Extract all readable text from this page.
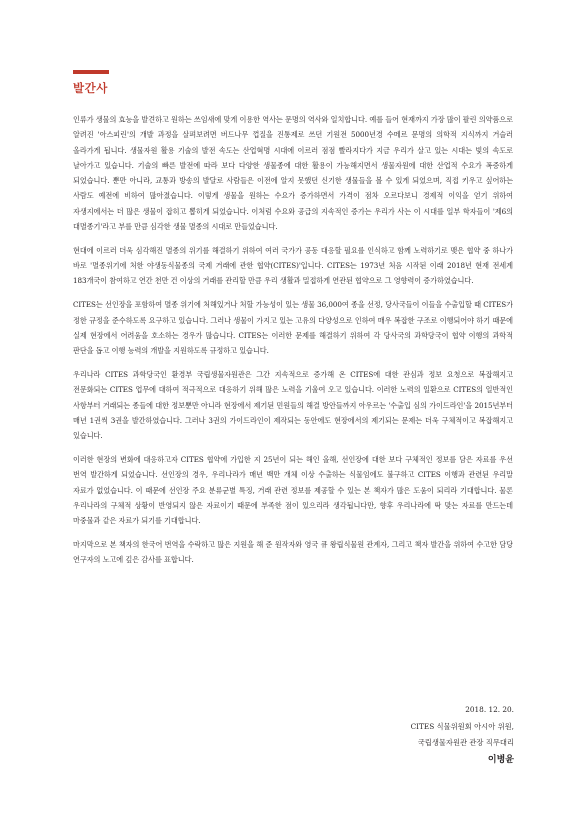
발간사

인류가 생물의 효능을 발견하고 원하는 쓰임새에 맞게 이용한 역사는 문명의 역사와 일치합니다. 예를 들어 현재까지 가장 많이 팔린 의약품으로 알려진 '아스피린'의 개발 과정을 살펴보려면 버드나무 껍질을 진통제로 쓰던 기원전 5000년경 수메르 문명의 의학적 지식까지 거슬러 올라가게 됩니다. 생물자원 활용 기술의 발전 속도는 산업혁명 시대에 이르러 점점 빨라지다가 지금 우리가 살고 있는 시대는 빛의 속도로 날아가고 있습니다. 기술의 빠른 발전에 따라 보다 다양한 생물종에 대한 활용이 가능해지면서 생물자원에 대한 산업적 수요가 폭증하게 되었습니다. 뿐만 아니라, 교통과 방송의 발달로 사람들은 이전에 알지 못했던 신기한 생물들을 볼 수 있게 되었으며, 직접 키우고 싶어하는 사람도 예전에 비하여 많아졌습니다. 이렇게 생물을 원하는 수요가 증가하면서 가격이 점차 오르다보니 경제적 이익을 얻기 위하여 자생지에서는 더 많은 생물이 잡히고 뽑히게 되었습니다. 이처럼 수요와 공급의 지속적인 증가는 우리가 사는 이 시대를 일부 학자들이 '제6의 대멸종기'라고 부를 만큼 심각한 생물 멸종의 시대로 만들었습니다.

현대에 이르러 더욱 심각해진 멸종의 위기를 해결하기 위하여 여러 국가가 공동 대응할 필요를 인식하고 함께 노력하기로 맺은 협약 중 하나가 바로 '멸종위기에 처한 야생동식물종의 국제 거래에 관한 협약(CITES)'입니다. CITES는 1973년 처음 시작된 이래 2018년 현재 전세계 183개국이 참여하고 연간 천만 건 이상의 거래를 관리할 만큼 우리 생활과 밀접하게 연관된 협약으로 그 영향력이 증가하였습니다.

CITES는 선인장을 포함하여 멸종 위기에 처해있거나 처할 가능성이 있는 생물 36,000여 종을 선정, 당사국들이 이들을 수출입할 때 CITES가 정한 규정을 준수하도록 요구하고 있습니다. 그러나 생물이 가지고 있는 고유의 다양성으로 인하여 매우 복잡한 구조로 이행되어야 하기 때문에 실제 현장에서 어려움을 호소하는 경우가 많습니다. CITES는 이러한 문제를 해결하기 위하여 각 당사국의 과학당국이 협약 이행의 과학적 판단을 돕고 이행 능력의 개발을 지원하도록 규정하고 있습니다.

우리나라 CITES 과학당국인 환경부 국립생물자원관은 그간 지속적으로 증가해 온 CITES에 대한 관심과 정보 요청으로 복잡해지고 전문화되는 CITES 업무에 대하여 적극적으로 대응하기 위해 많은 노력을 기울여 오고 있습니다. 이러한 노력의 일환으로 CITES의 일반적인 사항부터 거래되는 종들에 대한 정보뿐만 아니라 현장에서 제기된 민원들의 해결 방안들까지 아우르는 '수출입 심의 가이드라인'을 2015년부터 매년 1권씩 3권을 발간하였습니다. 그러나 3권의 가이드라인이 제작되는 동안에도 현장에서의 제기되는 문제는 더욱 구체적이고 복잡해지고 있습니다.

이러한 현장의 변화에 대응하고자 CITES 협약에 가입한 지 25년이 되는 해인 올해, 선인장에 대한 보다 구체적인 정보를 담은 자료를 우선 번역 발간하게 되었습니다. 선인장의 경우, 우리나라가 매년 백만 개체 이상 수출하는 식물임에도 불구하고 CITES 이행과 관련된 우리말 자료가 없었습니다. 이 때문에 선인장 주요 분류군별 특징, 거래 관련 정보를 제공할 수 있는 본 책자가 많은 도움이 되리라 기대합니다. 물론 우리나라의 구체적 상황이 반영되지 않은 자료이기 때문에 부족한 점이 있으리라 생각됩니다만, 향후 우리나라에 딱 맞는 자료를 만드는데 마중물과 같은 자료가 되기를 기대합니다.

마지막으로 본 책자의 한국어 번역을 수락하고 많은 지원을 해 준 원작자와 영국 큐 왕립식물원 관계자, 그리고 책자 발간을 위하여 수고한 담당 연구자의 노고에 깊은 감사를 표합니다.

2018. 12. 20.
CITES 식물위원회 아시아 위원,
국립생물자원관 관장 직무대리
이병윤
